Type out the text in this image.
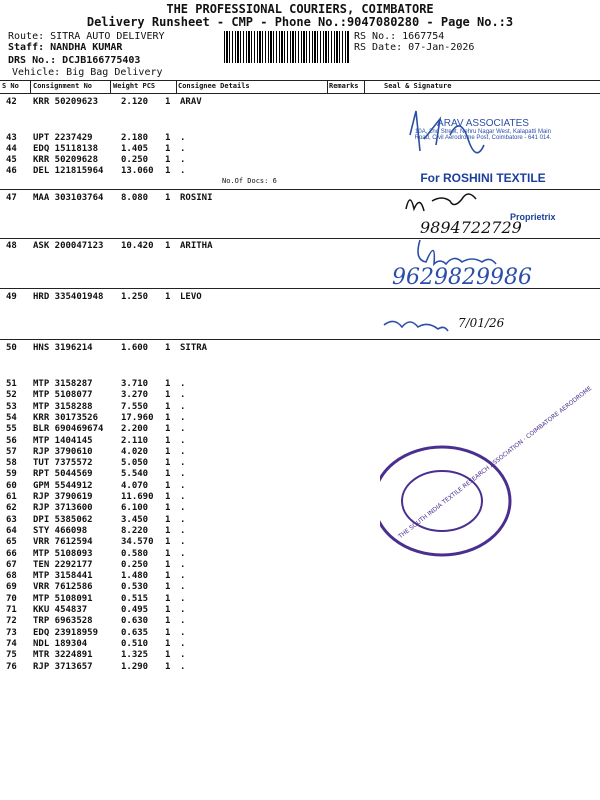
THE PROFESSIONAL COURIERS, COIMBATORE
Delivery Runsheet - CMP - Phone No.:9047080280 - Page No.:3
Route: SITRA AUTO DELIVERY
Staff: NANDHA KUMAR
DRS No.: DCJB166775403
Vehicle: Big Bag Delivery
RS No.: 1667754
RS Date: 07-Jan-2026
S No Consignment No	Weight PCS	Consignee Details	Remarks	Seal & Signature
42 KRR 50209623	2.120 1 ARAV
43 UPT 2237429	2.180 1 .
44 EDQ 15118138	1.405 1 .
45 KRR 50209628	0.250 1 .
46 DEL 121815964 13.060 1 .
No.Of Docs: 6
47 MAA 303103764 8.080 1 ROSINI
48 ASK 200047123 10.420 1 ARITHA
49 HRD 335401948 1.250 1 LEVO
50 HNS 3196214	1.600 1 SITRA
51 MTP 3158287	3.710 1 .
52 MTP 5108077	3.270 1 .
53 MTP 3158288	7.550 1 .
54 KRR 30173526	17.960 1 .
55 BLR 690469674 2.200 1 .
56 MTP 1404145	2.110 1 .
57 RJP 3790610	4.020 1 .
58 TUT 7375572	5.050 1 .
59 RPT 5044569	5.540 1 .
60 GPM 5544912	4.070 1 .
61 RJP 3790619	11.690 1 .
62 RJP 3713600	6.100 1 .
63 DPI 5385062	3.450 1 .
64 STY 466098	8.220 1 .
65 VRR 7612594	34.570 1 .
66 MTP 5108093	0.580 1 .
67 TEN 2292177	0.250 1 .
68 MTP 3158441	1.480 1 .
69 VRR 7612586	0.530 1 .
70 MTP 5108091	0.515 1 .
71 KKU 454837	0.495 1 .
72 TRP 6963528	0.630 1 .
73 EDQ 23918959	0.635 1 .
74 NDL 189304	0.510 1 .
75 MTR 3224891	1.325 1 .
76 RJP 3713657	1.290 1 .
9894722729
9629829986
7/01/26
THE SOUTH INDIA TEXTILE RESEARCH ASSOCIATION · COIMBATORE AERODROME
ARAV ASSOCIATES
10A, 2nd Street, Nehru Nagar West, Kalapatti Main Road, Civil Aerodrome Post, Coimbatore - 641 014.
For ROSHINI TEXTILE
Proprietrix
